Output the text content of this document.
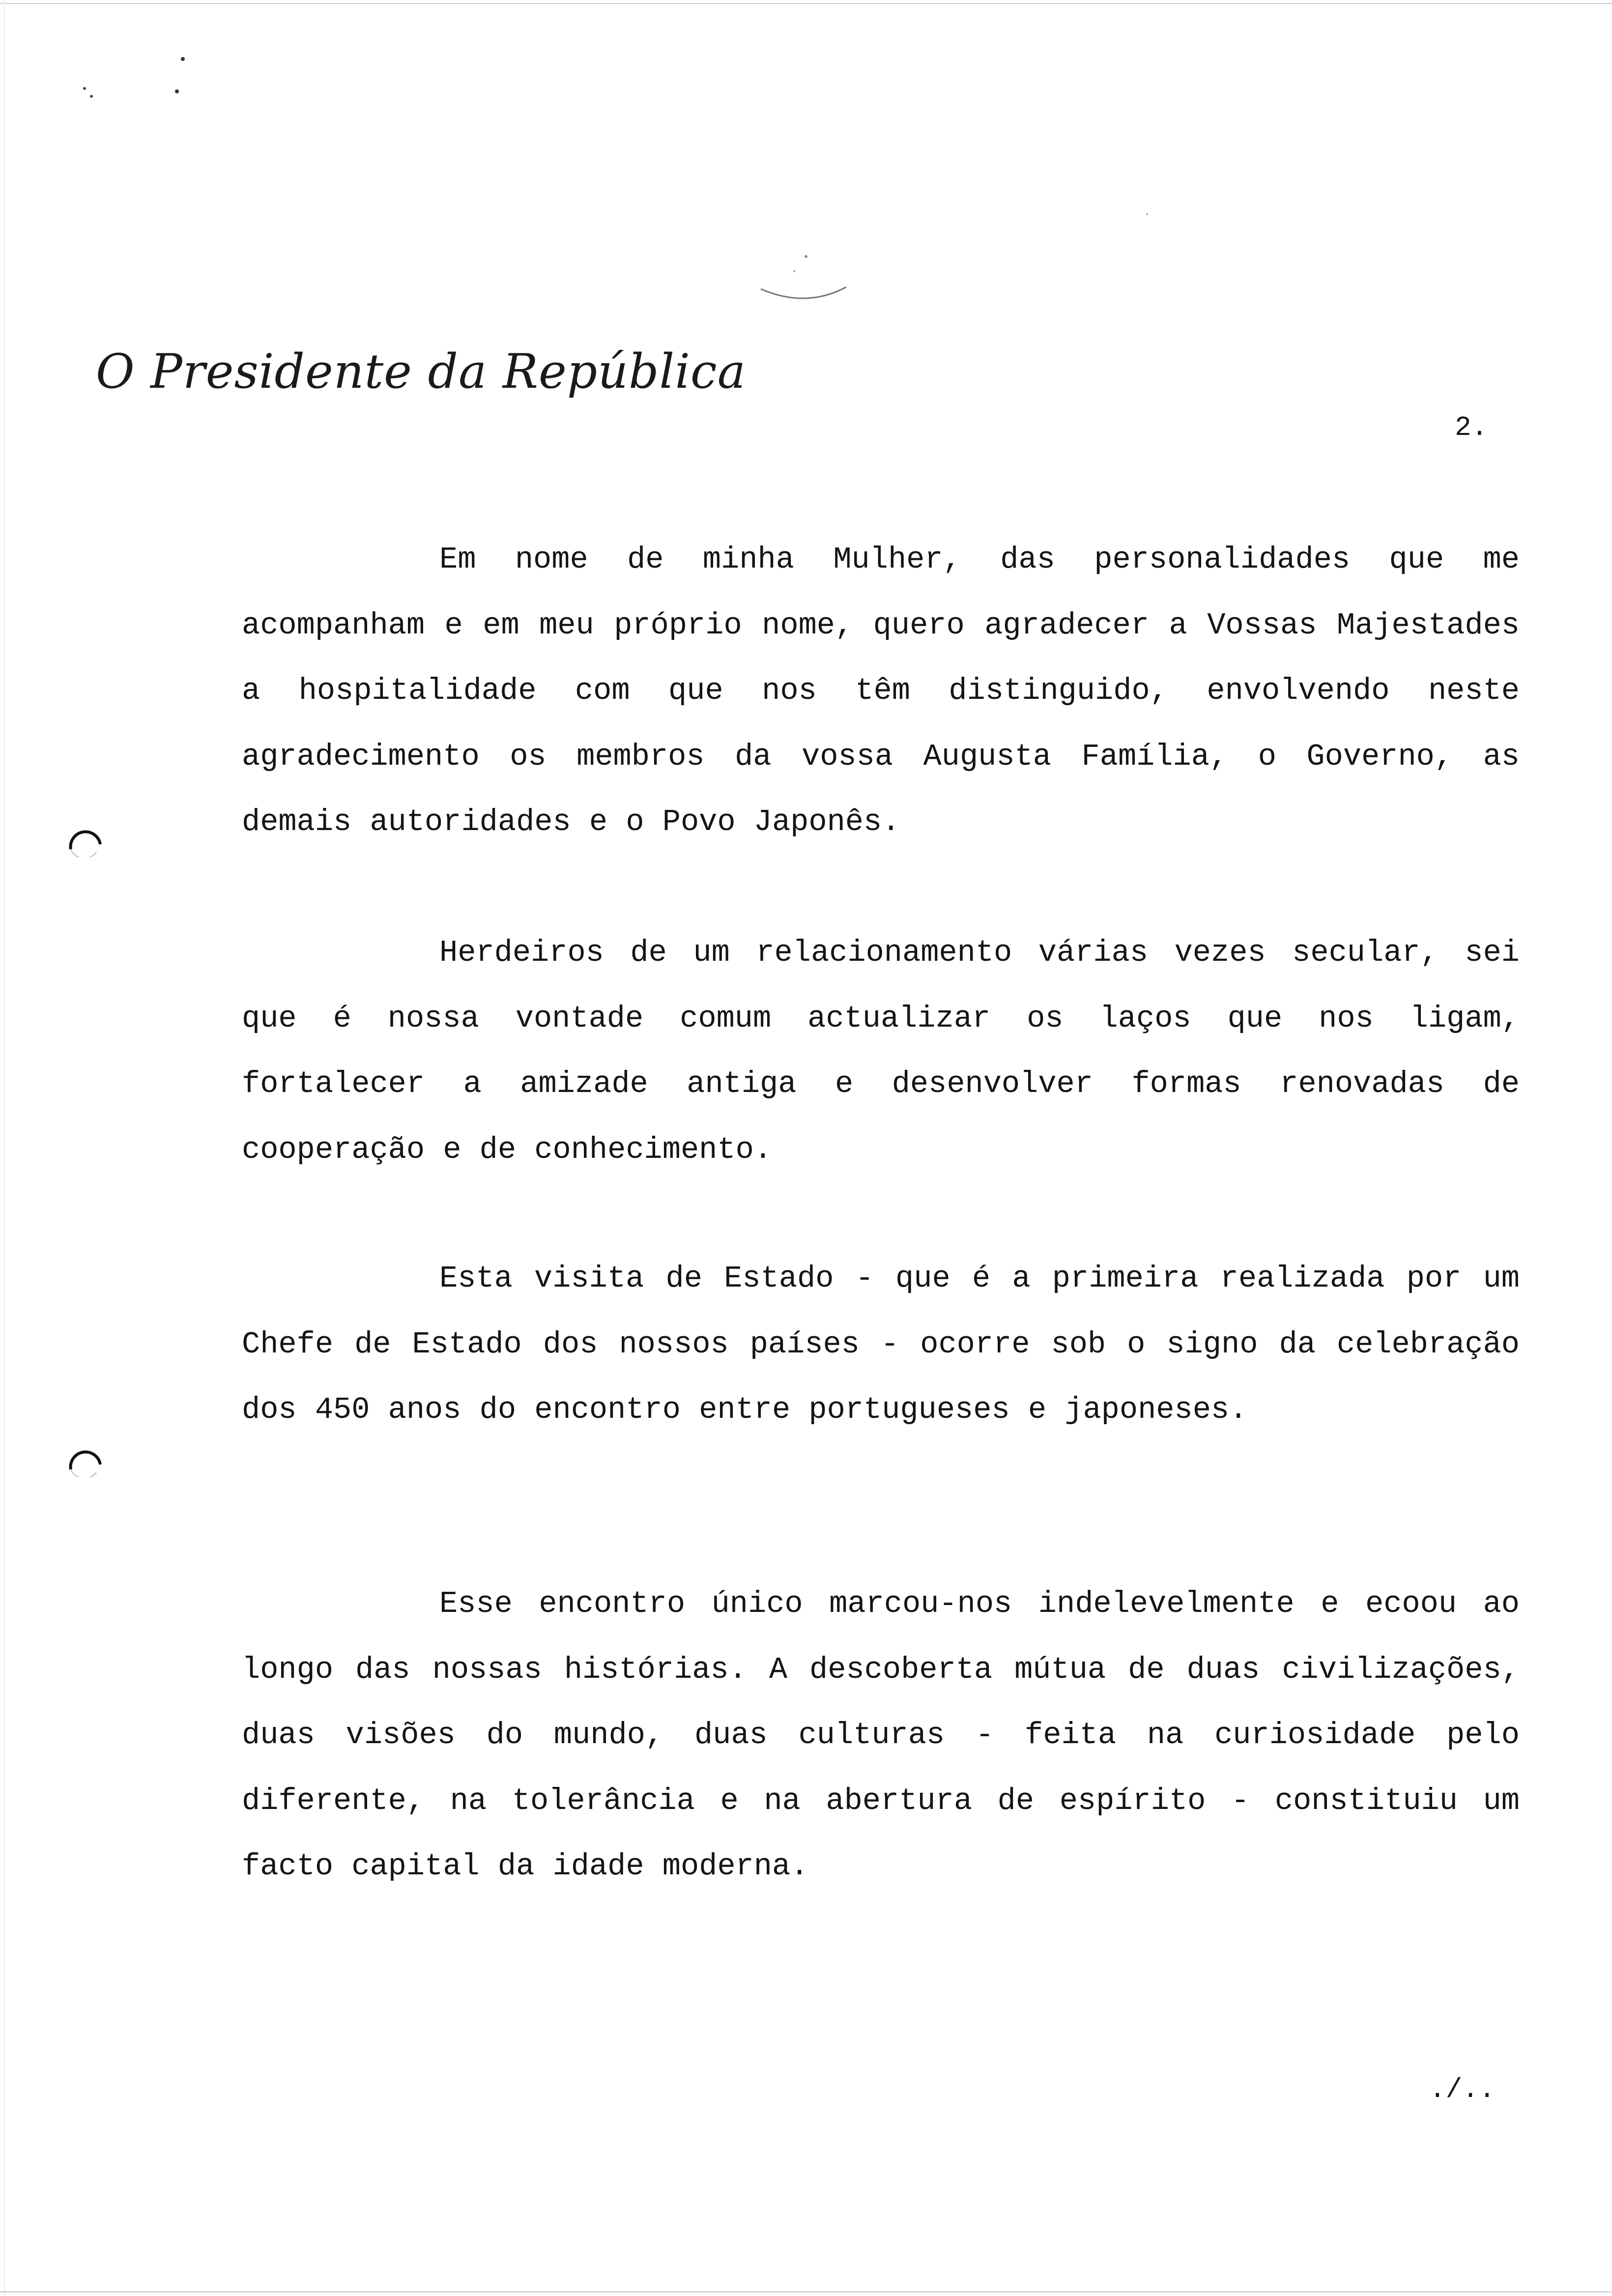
O Presidente da República
2.

Em nome de minha Mulher, das personalidades que me acompanham e em meu próprio nome, quero agradecer a Vossas Majestades a hospitalidade com que nos têm distinguido, envolvendo neste agradecimento os membros da vossa Augusta Família, o Governo, as demais autoridades e o Povo Japonês.

Herdeiros de um relacionamento várias vezes secular, sei que é nossa vontade comum actualizar os laços que nos ligam, fortalecer a amizade antiga e desenvolver formas renovadas de cooperação e de conhecimento.

Esta visita de Estado - que é a primeira realizada por um Chefe de Estado dos nossos países - ocorre sob o signo da celebração dos 450 anos do encontro entre portugueses e japoneses.

Esse encontro único marcou-nos indelevelmente e ecoou ao longo das nossas histórias. A descoberta mútua de duas civilizações, duas visões do mundo, duas culturas - feita na curiosidade pelo diferente, na tolerância e na abertura de espírito - constituiu um facto capital da idade moderna.

./..
